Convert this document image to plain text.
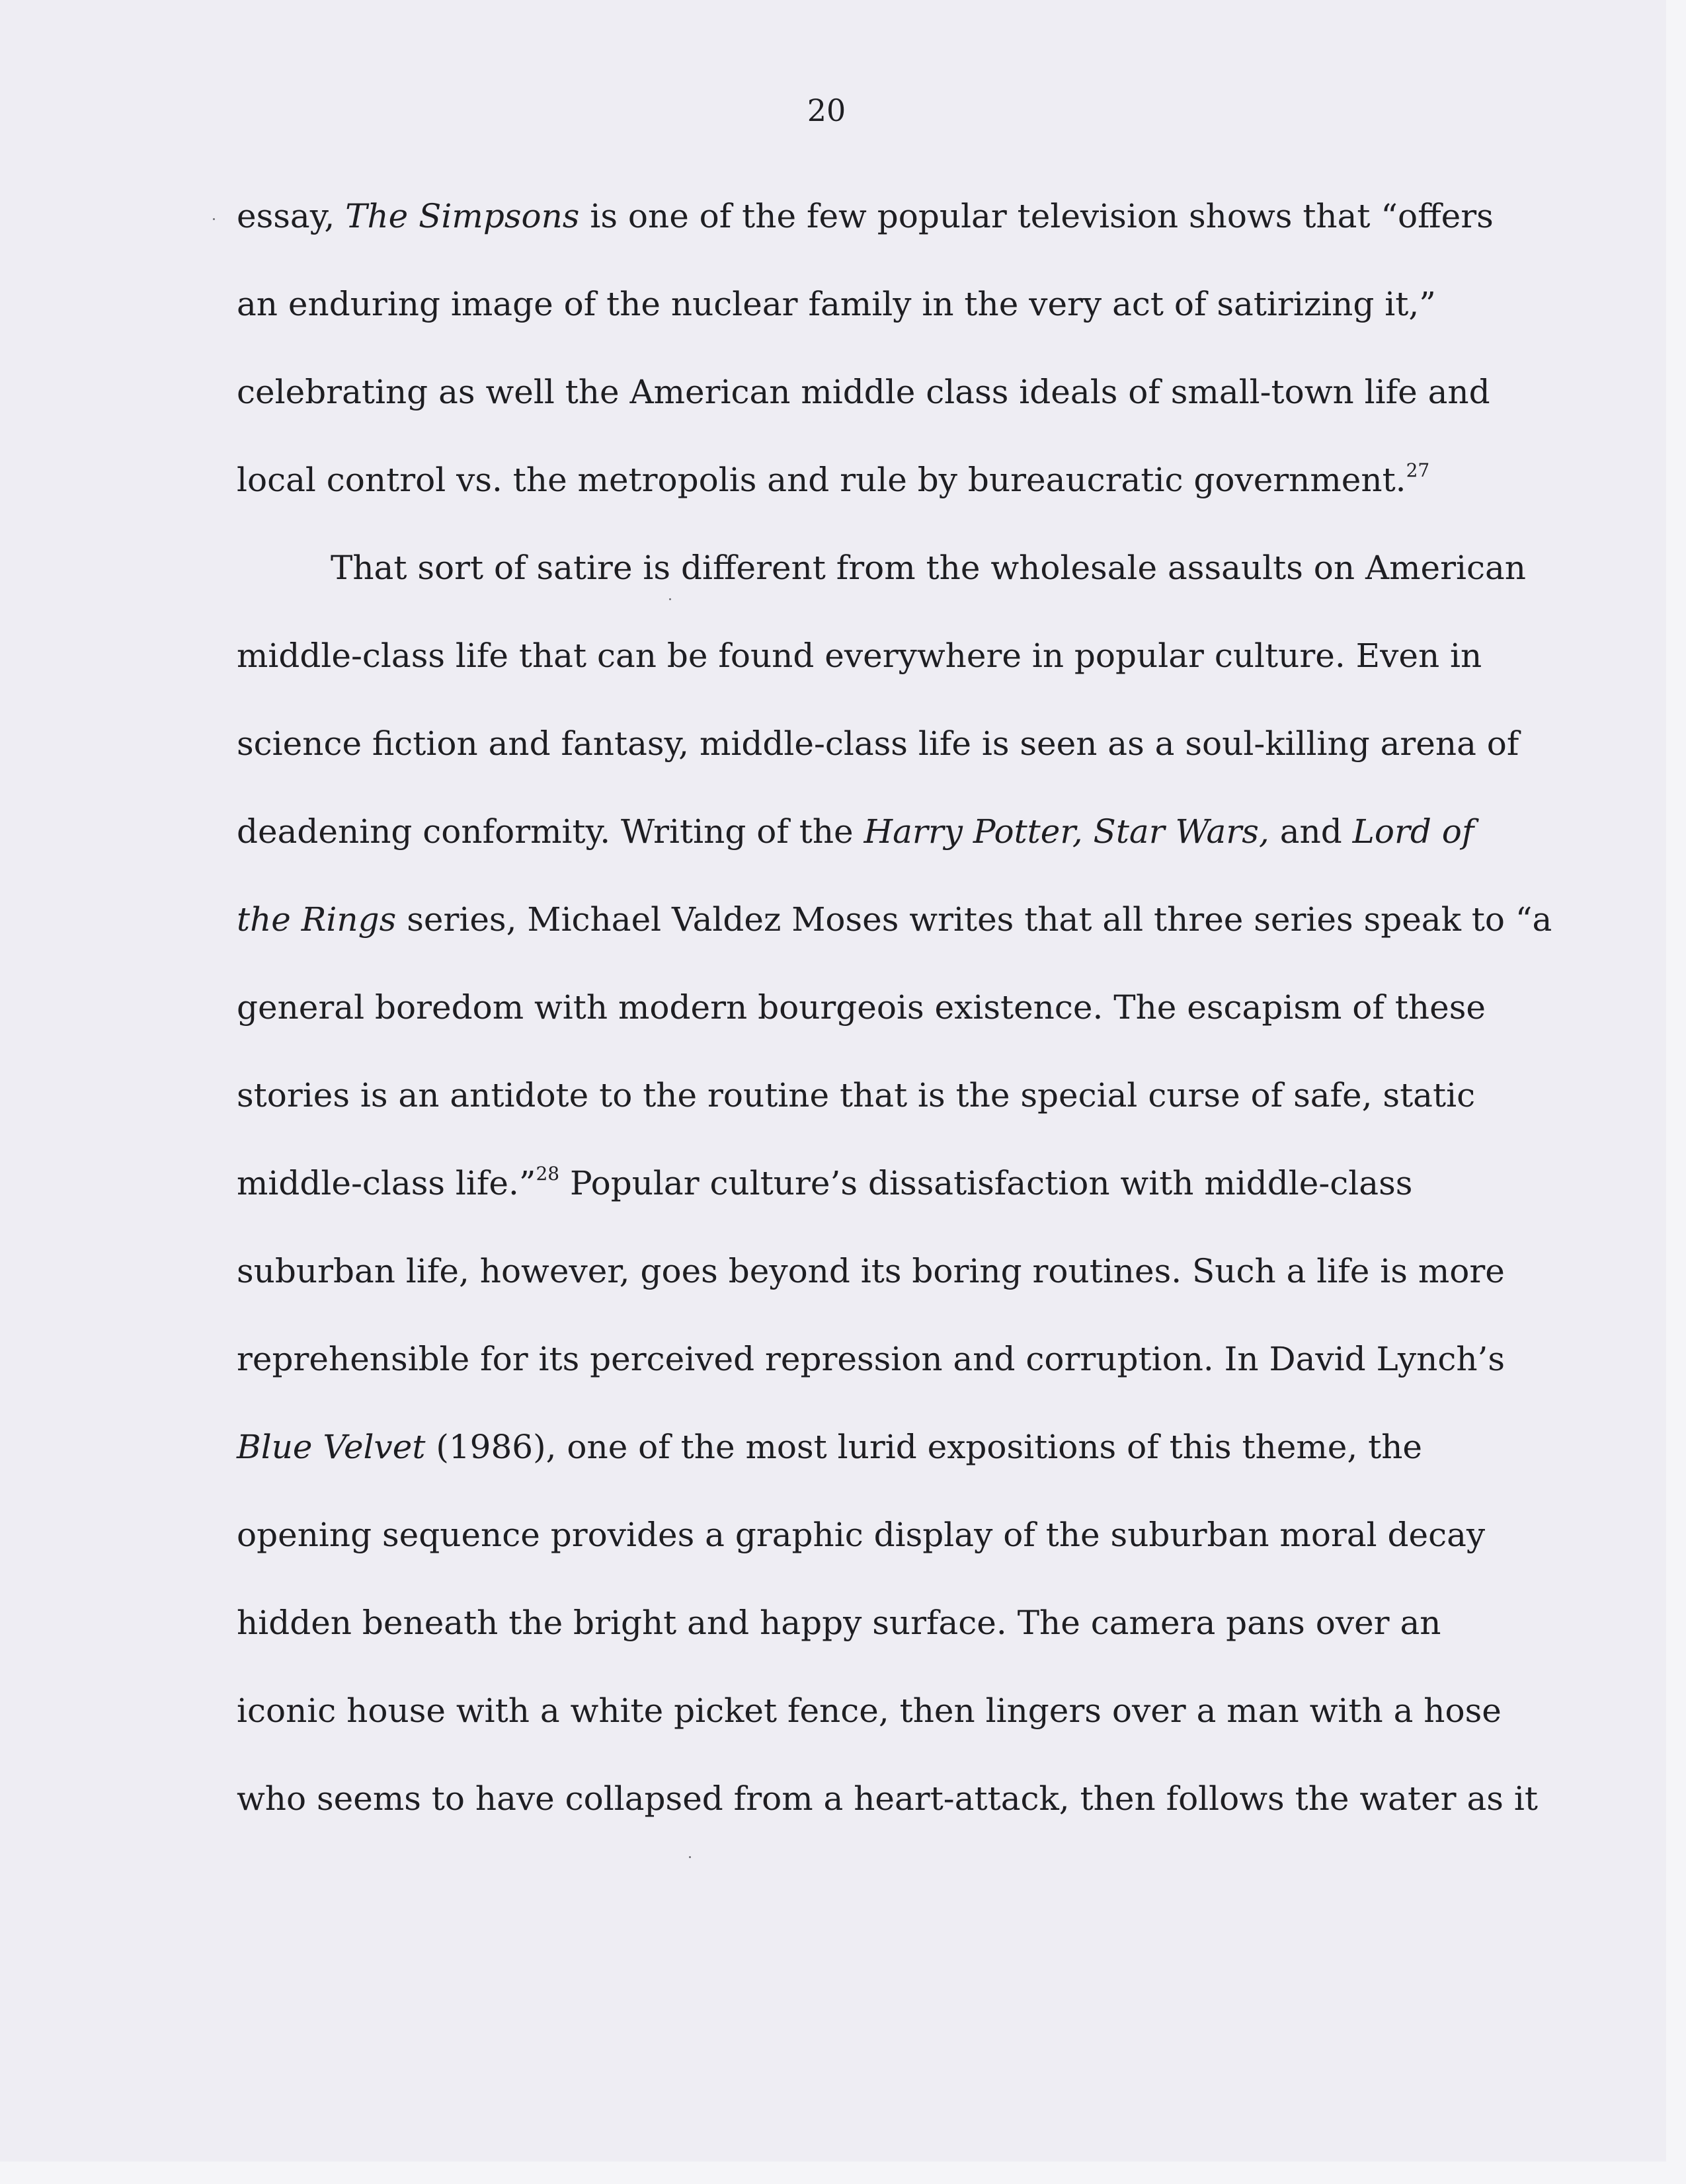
20
essay, The Simpsons is one of the few popular television shows that “offers
an enduring image of the nuclear family in the very act of satirizing it,”
celebrating as well the American middle class ideals of small-town life and
local control vs. the metropolis and rule by bureaucratic government.$^{27}$
That sort of satire is different from the wholesale assaults on American
middle-class life that can be found everywhere in popular culture. Even in
science fiction and fantasy, middle-class life is seen as a soul-killing arena of
deadening conformity. Writing of the Harry Potter, Star Wars, and Lord of
the Rings series, Michael Valdez Moses writes that all three series speak to “a
general boredom with modern bourgeois existence. The escapism of these
stories is an antidote to the routine that is the special curse of safe, static
middle-class life.”$^{28}$ Popular culture’s dissatisfaction with middle-class
suburban life, however, goes beyond its boring routines. Such a life is more
reprehensible for its perceived repression and corruption. In David Lynch’s
Blue Velvet (1986), one of the most lurid expositions of this theme, the
opening sequence provides a graphic display of the suburban moral decay
hidden beneath the bright and happy surface. The camera pans over an
iconic house with a white picket fence, then lingers over a man with a hose
who seems to have collapsed from a heart-attack, then follows the water as it
